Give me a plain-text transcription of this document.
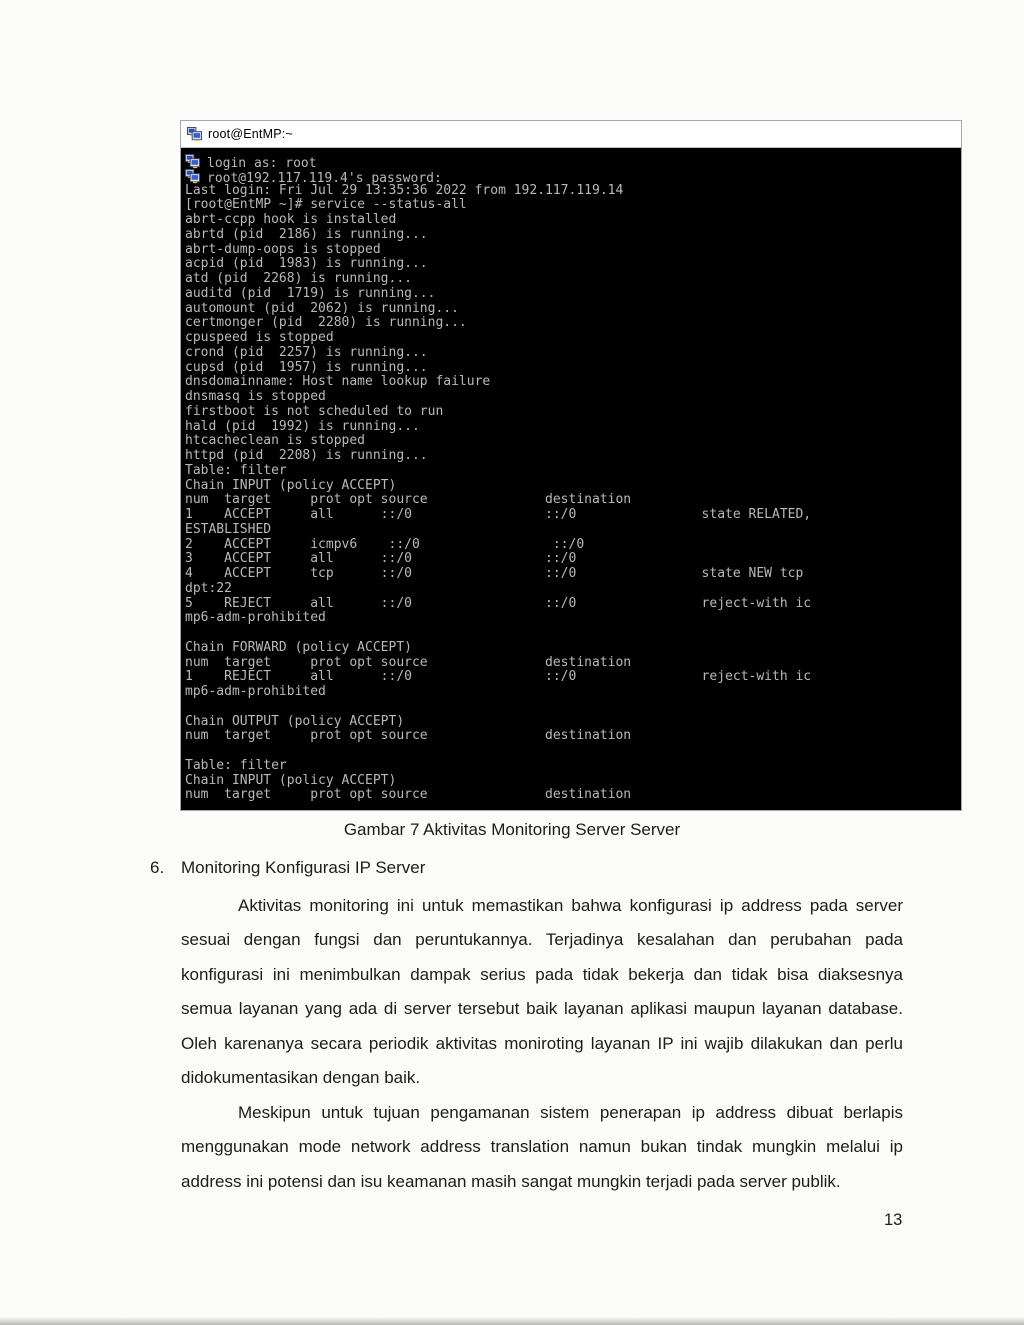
root@EntMP:~
login as: root
root@192.117.119.4's password:
Last login: Fri Jul 29 13:35:36 2022 from 192.117.119.14
[root@EntMP ~]# service --status-all
abrt-ccpp hook is installed
abrtd (pid  2186) is running...
abrt-dump-oops is stopped
acpid (pid  1983) is running...
atd (pid  2268) is running...
auditd (pid  1719) is running...
automount (pid  2062) is running...
certmonger (pid  2280) is running...
cpuspeed is stopped
crond (pid  2257) is running...
cupsd (pid  1957) is running...
dnsdomainname: Host name lookup failure
dnsmasq is stopped
firstboot is not scheduled to run
hald (pid  1992) is running...
htcacheclean is stopped
httpd (pid  2208) is running...
Table: filter
Chain INPUT (policy ACCEPT)
num  target     prot opt source               destination
1    ACCEPT     all      ::/0                 ::/0                state RELATED,
ESTABLISHED
2    ACCEPT     icmpv6    ::/0                 ::/0
3    ACCEPT     all      ::/0                 ::/0
4    ACCEPT     tcp      ::/0                 ::/0                state NEW tcp
dpt:22
5    REJECT     all      ::/0                 ::/0                reject-with ic
mp6-adm-prohibited

Chain FORWARD (policy ACCEPT)
num  target     prot opt source               destination
1    REJECT     all      ::/0                 ::/0                reject-with ic
mp6-adm-prohibited

Chain OUTPUT (policy ACCEPT)
num  target     prot opt source               destination

Table: filter
Chain INPUT (policy ACCEPT)
num  target     prot opt source               destination
Gambar 7 Aktivitas Monitoring Server Server
6. Monitoring Konfigurasi IP Server

Aktivitas monitoring ini untuk memastikan bahwa konfigurasi ip address pada server sesuai dengan fungsi dan peruntukannya. Terjadinya kesalahan dan perubahan pada konfigurasi ini menimbulkan dampak serius pada tidak bekerja dan tidak bisa diaksesnya semua layanan yang ada di server tersebut baik layanan aplikasi maupun layanan database. Oleh karenanya secara periodik aktivitas moniroting layanan IP ini wajib dilakukan dan perlu didokumentasikan dengan baik.

Meskipun untuk tujuan pengamanan sistem penerapan ip address dibuat berlapis menggunakan mode network address translation namun bukan tindak mungkin melalui ip address ini potensi dan isu keamanan masih sangat mungkin terjadi pada server publik.

13
